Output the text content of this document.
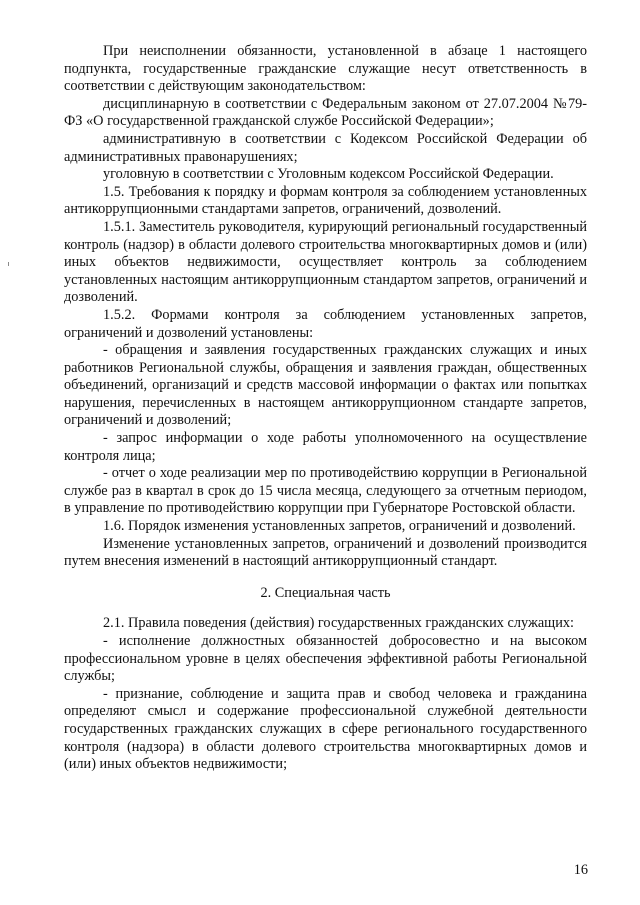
При неисполнении обязанности, установленной в абзаце 1 настоящего подпункта, государственные гражданские служащие несут ответственность в соответствии с действующим законодательством:

дисциплинарную в соответствии с Федеральным законом от 27.07.2004 №79-ФЗ «О государственной гражданской службе Российской Федерации»;

административную в соответствии с Кодексом Российской Федерации об административных правонарушениях;

уголовную в соответствии с Уголовным кодексом Российской Федерации.

1.5. Требования к порядку и формам контроля за соблюдением установленных антикоррупционными стандартами запретов, ограничений, дозволений.

1.5.1. Заместитель руководителя, курирующий региональный государственный контроль (надзор) в области долевого строительства многоквартирных домов и (или) иных объектов недвижимости, осуществляет контроль за соблюдением установленных настоящим антикоррупционным стандартом запретов, ограничений и дозволений.

1.5.2. Формами контроля за соблюдением установленных запретов, ограничений и дозволений установлены:

- обращения и заявления государственных гражданских служащих и иных работников Региональной службы, обращения и заявления граждан, общественных объединений, организаций и средств массовой информации о фактах или попытках нарушения, перечисленных в настоящем антикоррупционном стандарте запретов, ограничений и дозволений;

- запрос информации о ходе работы уполномоченного на осуществление контроля лица;

- отчет о ходе реализации мер по противодействию коррупции в Региональной службе раз в квартал в срок до 15 числа месяца, следующего за отчетным периодом, в управление по противодействию коррупции при Губернаторе Ростовской области.

1.6. Порядок изменения установленных запретов, ограничений и дозволений.

Изменение установленных запретов, ограничений и дозволений производится путем внесения изменений в настоящий антикоррупционный стандарт.

2. Специальная часть

2.1. Правила поведения (действия) государственных гражданских служащих:

- исполнение должностных обязанностей добросовестно и на высоком профессиональном уровне в целях обеспечения эффективной работы Региональной службы;

- признание, соблюдение и защита прав и свобод человека и гражданина определяют смысл и содержание профессиональной служебной деятельности государственных гражданских служащих в сфере регионального государственного контроля (надзора) в области долевого строительства многоквартирных домов и (или) иных объектов недвижимости;

16
